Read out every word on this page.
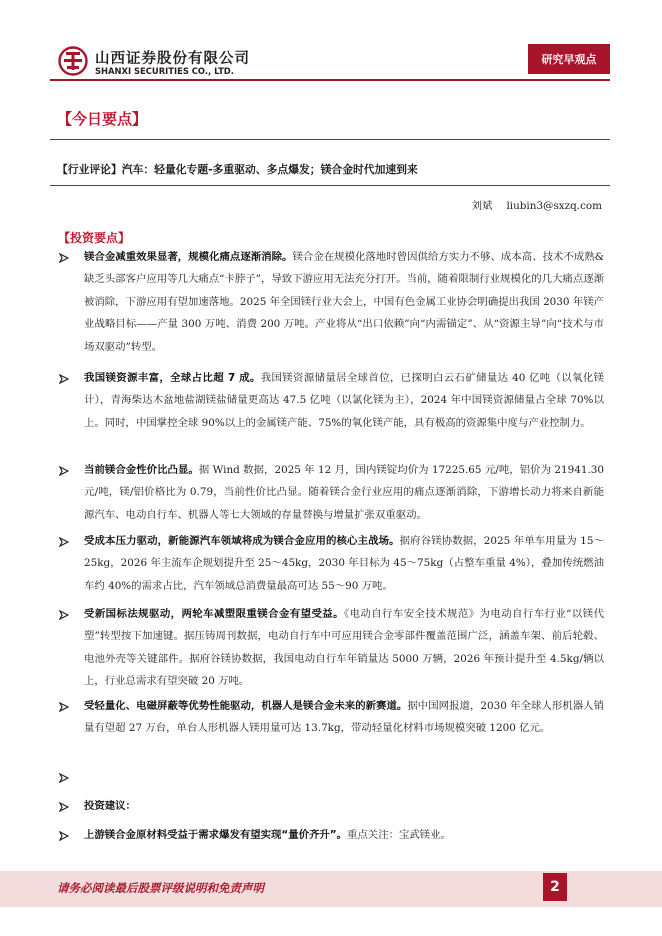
山西证券股份有限公司
SHANXI SECURITIES CO., LTD.
研究早观点
【今日要点】
【行业评论】汽车：轻量化专题-多重驱动、多点爆发；镁合金时代加速到来
刘斌 liubin3@sxzq.com
【投资要点】
镁合金减重效果显著，规模化痛点逐渐消除。镁合金在规模化落地时曾因供给方实力不够、成本高、技术不成熟&缺乏头部客户应用等几大痛点“卡脖子”，导致下游应用无法充分打开。当前，随着限制行业规模化的几大痛点逐渐被消除，下游应用有望加速落地。2025 年全国镁行业大会上，中国有色金属工业协会明确提出我国 2030 年镁产业战略目标——产量 300 万吨、消费 200 万吨。产业将从“出口依赖”向“内需锚定”、从“资源主导”向“技术与市场双驱动”转型。
我国镁资源丰富，全球占比超 7 成。我国镁资源储量居全球首位，已探明白云石矿储量达 40 亿吨（以氧化镁计），青海柴达木盆地盐湖镁盐储量更高达 47.5 亿吨（以氯化镁为主），2024 年中国镁资源储量占全球 70%以上。同时，中国掌控全球 90%以上的金属镁产能、75%的氧化镁产能，具有极高的资源集中度与产业控制力。
当前镁合金性价比凸显。据 Wind 数据，2025 年 12 月，国内镁锭均价为 17225.65 元/吨，铝价为 21941.30 元/吨，镁/铝价格比为 0.79，当前性价比凸显。随着镁合金行业应用的痛点逐渐消除，下游增长动力将来自新能源汽车、电动自行车、机器人等七大领域的存量替换与增量扩张双重驱动。
受成本压力驱动，新能源汽车领域将成为镁合金应用的核心主战场。据府谷镁协数据，2025 年单车用量为 15～25kg，2026 年主流车企规划提升至 25～45kg，2030 年目标为 45～75kg（占整车重量 4%），叠加传统燃油车约 40%的需求占比，汽车领域总消费量最高可达 55～90 万吨。
受新国标法规驱动，两轮车减塑限重镁合金有望受益。《电动自行车安全技术规范》为电动自行车行业“以镁代塑”转型按下加速键。据压铸周刊数据，电动自行车中可应用镁合金零部件覆盖范围广泛，涵盖车架、前后轮毂、电池外壳等关键部件。据府谷镁协数据，我国电动自行车年销量达 5000 万辆，2026 年预计提升至 4.5kg/辆以上，行业总需求有望突破 20 万吨。
受轻量化、电磁屏蔽等优势性能驱动，机器人是镁合金未来的新赛道。据中国网报道，2030 年全球人形机器人销量有望超 27 万台，单台人形机器人镁用量可达 13.7kg，带动轻量化材料市场规模突破 1200 亿元。
投资建议：
上游镁合金原材料受益于需求爆发有望实现“量价齐升”。重点关注：宝武镁业。
请务必阅读最后股票评级说明和免责声明	2
